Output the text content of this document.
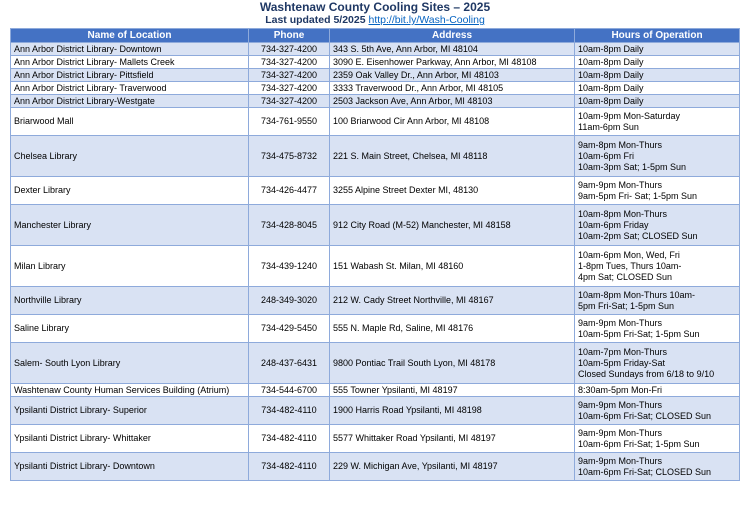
Washtenaw County Cooling Sites – 2025
Last updated 5/2025 http://bit.ly/Wash-Cooling
Name of Location	Phone	Address	Hours of Operation
Ann Arbor District Library- Downtown	734-327-4200	343 S. 5th Ave, Ann Arbor, MI 48104	10am-8pm Daily

Ann Arbor District Library- Mallets Creek	734-327-4200	3090 E. Eisenhower Parkway, Ann Arbor, MI 48108	10am-8pm Daily

Ann Arbor District Library- Pittsfield	734-327-4200	2359 Oak Valley Dr., Ann Arbor, MI 48103	10am-8pm Daily

Ann Arbor District Library- Traverwood	734-327-4200	3333 Traverwood Dr., Ann Arbor, MI 48105	10am-8pm Daily

Ann Arbor District Library-Westgate	734-327-4200	2503 Jackson Ave, Ann Arbor, MI 48103	10am-8pm Daily

Briarwood Mall	734-761-9550	100 Briarwood Cir Ann Arbor, MI 48108	10am-9pm Mon-Saturday
11am-6pm Sun

Chelsea Library	734-475-8732	221 S. Main Street, Chelsea, MI 48118	9am-8pm Mon-Thurs
10am-6pm Fri
10am-3pm Sat; 1-5pm Sun

Dexter Library	734-426-4477	3255 Alpine Street Dexter MI, 48130	9am-9pm Mon-Thurs
9am-5pm Fri- Sat; 1-5pm Sun

Manchester Library	734-428-8045	912 City Road (M-52) Manchester, MI 48158	10am-8pm Mon-Thurs
10am-6pm Friday
10am-2pm Sat; CLOSED Sun

Milan Library	734-439-1240	151 Wabash St. Milan, MI 48160	10am-6pm Mon, Wed, Fri
1-8pm Tues, Thurs 10am-
4pm Sat; CLOSED Sun

Northville Library	248-349-3020	212 W. Cady Street Northville, MI 48167	10am-8pm Mon-Thurs 10am-
5pm Fri-Sat; 1-5pm Sun

Saline Library	734-429-5450	555 N. Maple Rd, Saline, MI 48176	9am-9pm Mon-Thurs
10am-5pm Fri-Sat; 1-5pm Sun

Salem- South Lyon Library	248-437-6431	9800 Pontiac Trail South Lyon, MI 48178	10am-7pm Mon-Thurs
10am-5pm Friday-Sat
Closed Sundays from 6/18 to 9/10

Washtenaw County Human Services Building (Atrium)	734-544-6700	555 Towner Ypsilanti, MI 48197	8:30am-5pm Mon-Fri

Ypsilanti District Library- Superior	734-482-4110	1900 Harris Road Ypsilanti, MI 48198	9am-9pm Mon-Thurs
10am-6pm Fri-Sat; CLOSED Sun

Ypsilanti District Library- Whittaker	734-482-4110	5577 Whittaker Road Ypsilanti, MI 48197	9am-9pm Mon-Thurs
10am-6pm Fri-Sat; 1-5pm Sun

Ypsilanti District Library- Downtown	734-482-4110	229 W. Michigan Ave, Ypsilanti, MI 48197	9am-9pm Mon-Thurs
10am-6pm Fri-Sat; CLOSED Sun
